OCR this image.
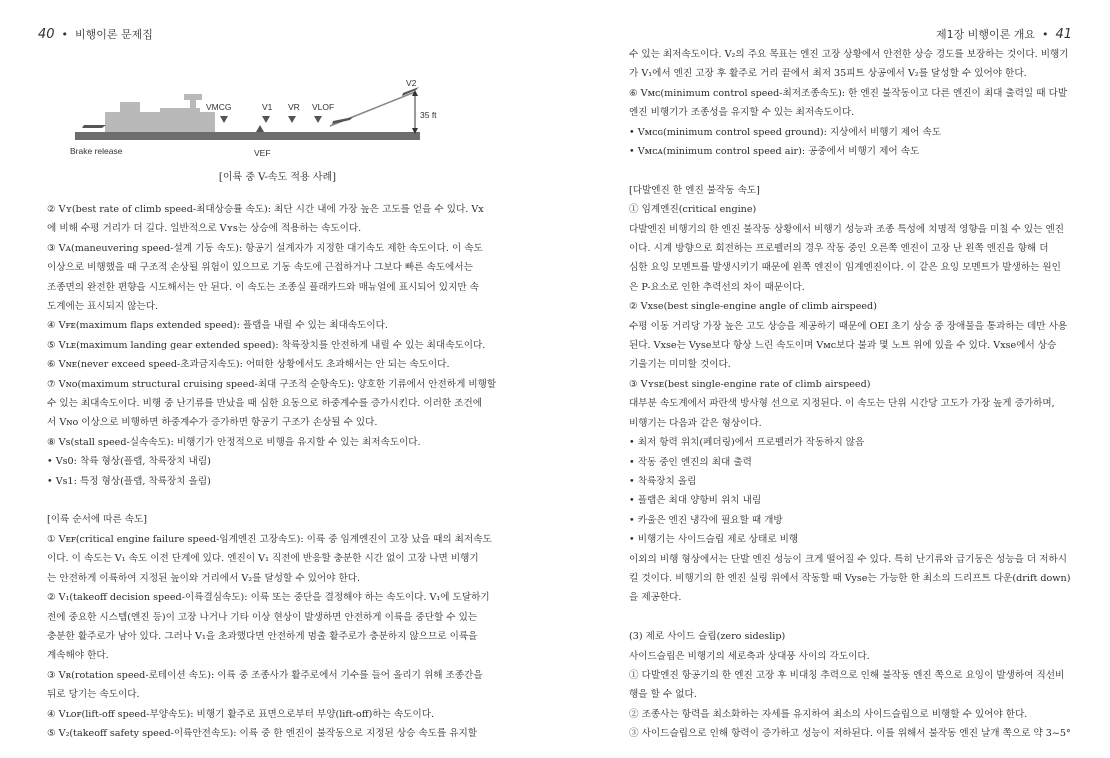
40  •  비행이론 문제집
V2
VMCG	V1 VR VLOF
35 ft
Brake release	VEF
[이륙 중 V-속도 적용 사례]

② Vʏ(best rate of climb speed-최대상승률 속도): 최단 시간 내에 가장 높은 고도를 얻을 수 있다. Vx

에 비해 수평 거리가 더 길다. 일반적으로 Vʏs는 상승에 적용하는 속도이다.

③ Vᴀ(maneuvering speed-설계 기동 속도): 항공기 설계자가 지정한 대기속도 제한 속도이다. 이 속도

이상으로 비행했을 때 구조적 손상될 위험이 있으므로 기동 속도에 근접하거나 그보다 빠른 속도에서는

조종면의 완전한 편향을 시도해서는 안 된다. 이 속도는 조종실 플래카드와 매뉴얼에 표시되어 있지만 속

도계에는 표시되지 않는다.

④ Vꜰᴇ(maximum flaps extended speed): 플랩을 내릴 수 있는 최대속도이다.

⑤ Vʟᴇ(maximum landing gear extended speed): 착륙장치를 안전하게 내릴 수 있는 최대속도이다.

⑥ Vɴᴇ(never exceed speed-초과금지속도): 어떠한 상황에서도 초과해서는 안 되는 속도이다.

⑦ Vɴᴏ(maximum structural cruising speed-최대 구조적 순항속도): 양호한 기류에서 안전하게 비행할

수 있는 최대속도이다. 비행 중 난기류를 만났을 때 심한 요동으로 하중계수를 증가시킨다. 이러한 조건에

서 Vɴᴏ 이상으로 비행하면 하중계수가 증가하면 항공기 구조가 손상될 수 있다.

⑧ Vs(stall speed-실속속도): 비행기가 안정적으로 비행을 유지할 수 있는 최저속도이다.

• Vs0: 착륙 형상(플랩, 착륙장치 내림)

• Vs1: 특정 형상(플랩, 착륙장치 올림)

[이륙 순서에 따른 속도]

① Vᴇꜰ(critical engine failure speed-임계엔진 고장속도): 이륙 중 임계엔진이 고장 났을 때의 최저속도

이다. 이 속도는 V₁ 속도 이전 단계에 있다. 엔진이 V₁ 직전에 반응할 충분한 시간 없이 고장 나면 비행기

는 안전하게 이륙하여 지정된 높이와 거리에서 V₂를 달성할 수 있어야 한다.

② V₁(takeoff decision speed-이륙결심속도): 이륙 또는 중단을 결정해야 하는 속도이다. V₁에 도달하기

전에 중요한 시스템(엔진 등)이 고장 나거나 기타 이상 현상이 발생하면 안전하게 이륙을 중단할 수 있는

충분한 활주로가 남아 있다. 그러나 V₁을 초과했다면 안전하게 멈출 활주로가 충분하지 않으므로 이륙을

계속해야 한다.

③ Vʀ(rotation speed-로테이션 속도): 이륙 중 조종사가 활주로에서 기수를 들어 올리기 위해 조종간을

뒤로 당기는 속도이다.

④ Vʟᴏꜰ(lift-off speed-부양속도): 비행기 활주로 표면으로부터 부양(lift-off)하는 속도이다.

⑤ V₂(takeoff safety speed-이륙안전속도): 이륙 중 한 엔진이 불작동으로 지정된 상승 속도를 유지할

제1장 비행이론 개요  •  41

수 있는 최저속도이다. V₂의 주요 목표는 엔진 고장 상황에서 안전한 상승 경도를 보장하는 것이다. 비행기

가 V₁에서 엔진 고장 후 활주로 거리 끝에서 최저 35피트 상공에서 V₂를 달성할 수 있어야 한다.

⑥ Vᴍᴄ(minimum control speed-최저조종속도): 한 엔진 불작동이고 다른 엔진이 최대 출력일 때 다발

엔진 비행기가 조종성을 유지할 수 있는 최저속도이다.

• Vᴍᴄɢ(minimum control speed ground): 지상에서 비행기 제어 속도

• Vᴍᴄᴀ(minimum control speed air): 공중에서 비행기 제어 속도

[다발엔진 한 엔진 불작동 속도]

① 임계엔진(critical engine)

다발엔진 비행기의 한 엔진 불작동 상황에서 비행기 성능과 조종 특성에 치명적 영향을 미칠 수 있는 엔진

이다. 시계 방향으로 회전하는 프로펠러의 경우 작동 중인 오른쪽 엔진이 고장 난 왼쪽 엔진을 향해 더

심한 요잉 모멘트를 발생시키기 때문에 왼쪽 엔진이 임계엔진이다. 이 같은 요잉 모멘트가 발생하는 원인

은 P-요소로 인한 추력선의 차이 때문이다.

② Vxse(best single-engine angle of climb airspeed)

수평 이동 거리당 가장 높은 고도 상승을 제공하기 때문에 OEI 초기 상승 중 장애물을 통과하는 데만 사용

된다. Vxse는 Vyse보다 항상 느린 속도이며 Vᴍᴄ보다 불과 몇 노트 위에 있을 수 있다. Vxse에서 상승

기울기는 미미할 것이다.

③ Vʏsᴇ(best single-engine rate of climb airspeed)

대부분 속도계에서 파란색 방사형 선으로 지정된다. 이 속도는 단위 시간당 고도가 가장 높게 증가하며,

비행기는 다음과 같은 형상이다.

• 최저 항력 위치(페더링)에서 프로펠러가 작동하지 않음

• 작동 중인 엔진의 최대 출력

• 착륙장치 올림

• 플랩은 최대 양항비 위치 내림

• 카울은 엔진 냉각에 필요할 때 개방

• 비행기는 사이드슬립 제로 상태로 비행

이외의 비행 형상에서는 단발 엔진 성능이 크게 떨어질 수 있다. 특히 난기류와 급기동은 성능을 더 저하시

킬 것이다. 비행기의 한 엔진 실링 위에서 작동할 때 Vyse는 가능한 한 최소의 드리프트 다운(drift down)

을 제공한다.

(3) 제로 사이드 슬립(zero sideslip)

사이드슬립은 비행기의 세로축과 상대풍 사이의 각도이다.

① 다발엔진 항공기의 한 엔진 고장 후 비대칭 추력으로 인해 불작동 엔진 쪽으로 요잉이 발생하여 직선비

행을 할 수 없다.

② 조종사는 항력을 최소화하는 자세를 유지하여 최소의 사이드슬립으로 비행할 수 있어야 한다.

③ 사이드슬립으로 인해 항력이 증가하고 성능이 저하된다. 이를 위해서 불작동 엔진 날개 쪽으로 약 3~5°
